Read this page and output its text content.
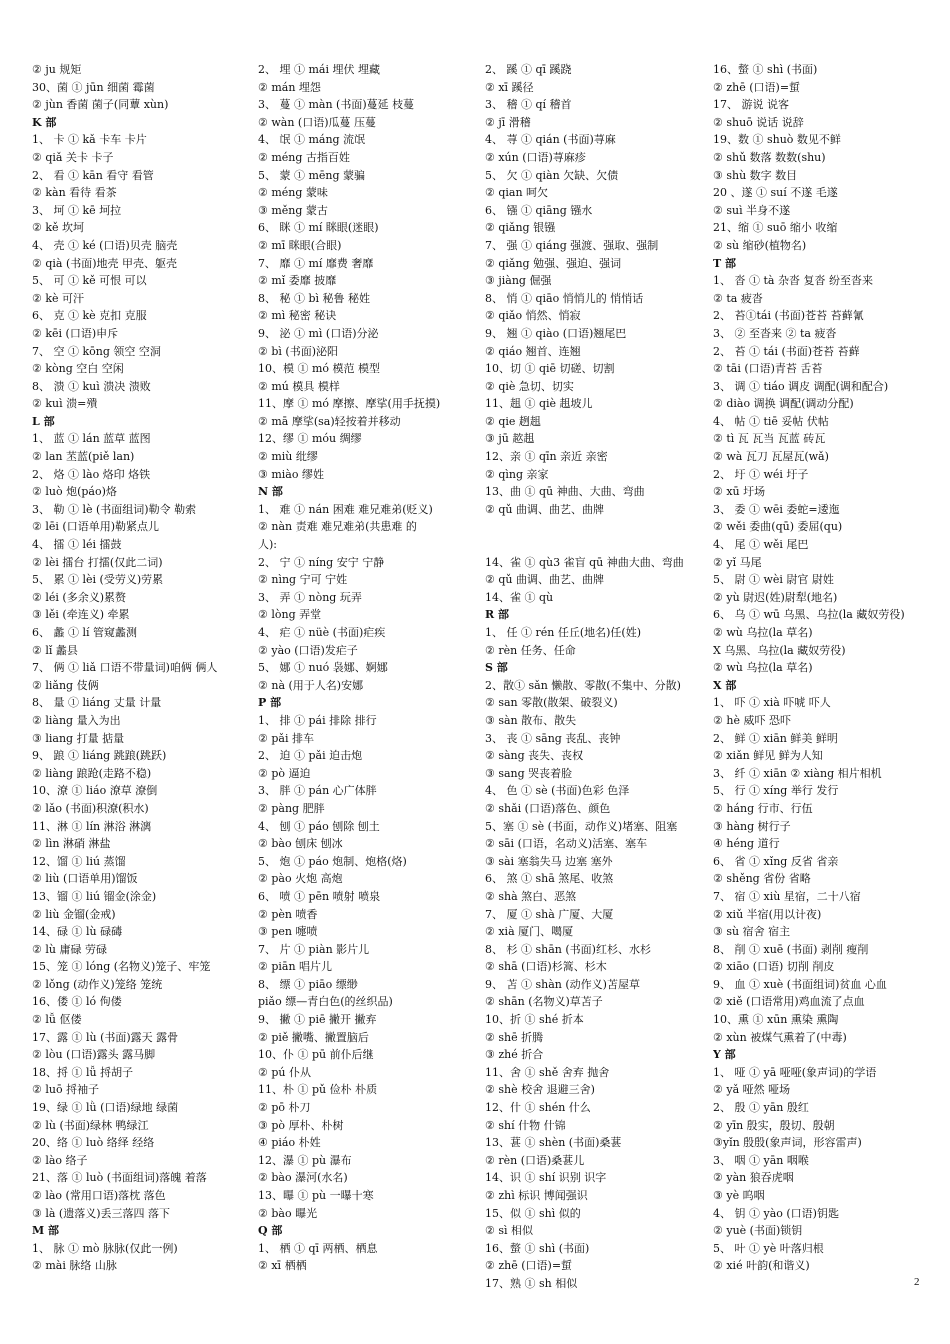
② ju 规矩
30、菌 ① jūn 细菌 霉菌
② jùn 香菌 菌子(同蕈 xùn)
K 部
1、 卡 ① kǎ 卡车 卡片
② qiǎ 关卡 卡子
2、 看 ① kān 看守 看管
② kàn 看待 看茶
3、 坷 ① kē 坷拉
② kě 坎坷
4、 壳 ① ké (口语)贝壳 脑壳
② qià (书面)地壳 甲壳、躯壳
5、 可 ① kě 可恨 可以
② kè 可汗
6、 克 ① kè 克扣 克服
② kēi (口语)申斥
7、 空 ① kōng 领空 空洞
② kòng 空白 空闲
8、 溃 ① kuì 溃决 溃败
② kuì 溃=殨
L 部
1、 蓝 ① lán 蓝草 蓝图
② lan 苤蓝(piě lan)
2、 烙 ① lào 烙印 烙铁
② luò 炮(páo)烙
3、 勒 ① lè (书面组词)勒令 勒索
② lēi (口语单用)勒紧点儿
4、 擂 ① léi 擂鼓
② lèi 擂台 打擂(仅此二词)
5、 累 ① lèi (受劳义)劳累
② léi (多余义)累赘
③ lěi (牵连义) 牵累
6、 蠡 ① lí 管窥蠡测
② lǐ 蠡县
7、 俩 ① liǎ 口语不带量词)咱俩 俩人
② liǎng 伎俩
8、 量 ① liáng 丈量 计量
② liàng 量入为出
③ liang 打量 掂量
9、 踉 ① liáng 跳踉(跳跃)
② liàng 踉跄(走路不稳)
10、潦 ① liáo 潦草 潦倒
② lǎo (书面)积潦(积水)
11、淋 ① lín 淋浴 淋漓
② lìn 淋硝 淋盐
12、馏 ① liú 蒸馏
② liù (口语单用)馏饭
13、镏 ① liú 镏金(涂金)
② liù 金镏(金戒)
14、碌 ① lù 碌碡
② lù 庸碌 劳碌
15、笼 ① lóng (名物义)笼子、牢笼
② lǒng (动作义)笼络 笼统
16、偻 ① ló 佝偻
② lǚ 伛偻
17、露 ① lù (书面)露天 露骨
② lòu (口语)露头 露马脚
18、捋 ① lǚ 捋胡子
② luō 捋袖子
19、绿 ① lǜ (口语)绿地 绿菌
② lù (书面)绿林 鸭绿江
20、络 ① luò 络绎 经络
② lào 络子
21、落 ① luò (书面组词)落魄 着落
② lào (常用口语)落枕 落色
③ là (遗落义)丢三落四 落下
M 部
1、 脉 ① mò 脉脉(仅此一例)
② mài 脉络 山脉
2、 埋 ① mái 埋伏 埋藏
② mán 埋怨
3、 蔓 ① màn (书面)蔓延 枝蔓
② wàn (口语)瓜蔓 压蔓
4、 氓 ① máng 流氓
② méng 古指百姓
5、 蒙 ① mēng 蒙骗
② méng 蒙味
③ měng 蒙古
6、 眯 ① mí 眯眼(迷眼)
② mī 眯眼(合眼)
7、 靡 ① mí 靡费 奢靡
② mǐ 委靡 披靡
8、 秘 ① bì 秘鲁 秘姓
② mì 秘密 秘诀
9、 泌 ① mì (口语)分泌
② bì (书面)泌阳
10、模 ① mó 模范 模型
② mú 模具 模样
11、摩 ① mó 摩擦、摩挲(用手抚摸)
② mā 摩挲(sa)轻按着并移动
12、缪 ① móu 绸缪
② miù 纰缪
③ miào 缪姓
N 部
1、 难 ① nán 困难 难兄难弟(贬义)
② nàn 责难 难兄难弟(共患难 的
人):
2、 宁 ① níng 安宁 宁静
② nìng 宁可 宁姓
3、 弄 ① nòng 玩弄
② lòng 弄堂
4、 疟 ① nüè (书面)疟疾
② yào (口语)发疟子
5、 娜 ① nuó 袅娜、婀娜
② nà (用于人名)安娜
P 部
1、 排 ① pái 排除 排行
② pǎi 排车
2、 迫 ① pǎi 迫击炮
② pò 逼迫
3、 胖 ① pán 心广体胖
② pàng 肥胖
4、 刨 ① páo 刨除 刨土
② bào 刨床 刨冰
5、 炮 ① páo 炮制、炮格(烙)
② pào 火炮 高炮
6、 喷 ① pēn 喷射 喷泉
② pèn 喷香
③ pen 嚏喷
7、 片 ① piàn 影片儿
② piān 唱片儿
8、 缥 ① piāo 缥缈
piǎo 缥—青白色(的丝织品)
9、 撇 ① piē 撇开 撇弃
② piě 撇嘴、撇置脑后
10、仆 ① pū 前仆后继
② pú 仆从
11、朴 ① pǔ 俭朴 朴质
② pō 朴刀
③ pò 厚朴、朴树
④ piáo 朴姓
12、瀑 ① pù 瀑布
② bào 瀑河(水名)
13、曝 ① pù 一曝十寒
② bào 曝光
Q 部
1、 栖 ① qī 两栖、栖息
② xī 栖栖
2、 蹊 ① qī 蹊跷
② xī 蹊径
3、 稽 ① qí 稽首
② jī 滑稽
4、 荨 ① qián (书面)荨麻
② xún (口语)荨麻疹
5、 欠 ① qiàn 欠缺、欠债
② qian 呵欠
6、 镪 ① qiāng 镪水
② qiǎng 银镪
7、 强 ① qiáng 强渡、强取、强制
② qiǎng 勉强、强迫、强词
③ jiàng 倔强
8、 悄 ① qiāo 悄悄儿的 悄悄话
② qiǎo 悄然、悄寂
9、 翘 ① qiào (口语)翘尾巴
② qiáo 翘首、连翘
10、切 ① qiē 切磋、切割
② qiè 急切、切实
11、趄 ① qiè 趄坡儿
② qie 趔趄
③ jū 趑趄
12、亲 ① qīn 亲近 亲密
② qìng 亲家
13、曲 ① qū 神曲、大曲、弯曲
② qǔ 曲调、曲艺、曲牌
14、雀 ① qù3 雀盲 qū 神曲大曲、弯曲
② qǔ 曲调、曲艺、曲牌
14、雀 ① qù
R 部
1、 任 ① rén 任丘(地名)任(姓)
② rèn 任务、任命
S 部
2、散① sǎn 懒散、零散(不集中、分散)
② san 零散(散架、破裂义)
③ sàn 散布、散失
3、 丧 ① sāng 丧乱、丧钟
② sàng 丧失、丧权
③ sang 哭丧着脸
4、 色 ① sè (书面)色彩 色泽
② shǎi (口语)落色、颜色
5、塞 ① sè (书面，动作义)堵塞、阻塞
② sāi (口语，名动义)活塞、塞车
③ sài 塞翁失马 边塞 塞外
6、 煞 ① shā 煞尾、收煞
② shà 煞白、恶煞
7、 厦 ① shà 广厦、大厦
② xià 厦门、噶厦
8、 杉 ① shān (书面)红杉、水杉
② shā (口语)杉篙、杉木
9、 苫 ① shàn (动作义)苫屋草
② shān (名物义)草苫子
10、折 ① shé 折本
② shē 折腾
③ zhé 折合
11、舍 ① shě 舍弃 抛舍
② shè 校舍 退避三舍)
12、什 ① shén 什么
② shí 什物 什锦
13、葚 ① shèn (书面)桑葚
② rèn (口语)桑葚儿
14、识 ① shí 识别 识字
② zhì 标识 博闻强识
15、似 ① shì 似的
② sì 相似
16、螫 ① shì (书面)
② zhē (口语)=蜇
17、熟 ① sh 相似
16、螫 ① shì (书面)
② zhē (口语)=蜇
17、 游说 说客
② shuō 说话 说辞
19、数 ① shuò 数见不鲜
② shǔ 数落 数数(shu)
③ shù 数字 数目
20 、遂 ① suí 不遂 毛遂
② suì 半身不遂
21、缩 ① suō 缩小 收缩
② sù 缩砂(植物名)
T 部
1、 沓 ① tà 杂沓 复沓 纷至沓来
② ta 疲沓
2、 苔①tái (书面)苍苔 苔藓氰
3、 ② 至沓来 ② ta 疲沓
2、 苔 ① tái (书面)苍苔 苔藓
② tāi (口语)青苔 舌苔
3、 调 ① tiáo 调皮 调配(调和配合)
② diào 调换 调配(调动分配)
4、 帖 ① tiē 妥帖 伏帖
② tì 瓦 瓦当 瓦蓝 砖瓦
② wà 瓦刀 瓦屋瓦(wǎ)
2、 圩 ① wéi 圩子
② xū 圩场
3、 委 ① wēi 委蛇=逶迤
② wěi 委曲(qū) 委屈(qu)
4、 尾 ① wěi 尾巴
② yǐ 马尾
5、 尉 ① wèi 尉官 尉姓
② yù 尉迟(姓)尉犁(地名)
6、 乌 ① wū 乌黑、乌拉(la 藏奴劳役)
② wù 乌拉(la 草名)
X 乌黑、乌拉(la 藏奴劳役)
② wù 乌拉(la 草名)
X 部
1、 吓 ① xià 吓唬 吓人
② hè 威吓 恐吓
2、 鲜 ① xiān 鲜美 鲜明
② xiǎn 鲜见 鲜为人知
3、 纤 ① xiān ② xiàng 相片相机
5、 行 ① xíng 举行 发行
② háng 行市、行伍
③ hàng 树行子
④ héng 道行
6、 省 ① xǐng 反省 省亲
② shěng 省份 省略
7、 宿 ① xiù 星宿，二十八宿
② xiǔ 半宿(用以计夜)
③ sù 宿舍 宿主
8、 削 ① xuē (书面) 剥削 瘦削
② xiāo (口语) 切削 削皮
9、 血 ① xuè (书面组词)贫血 心血
② xiě (口语常用)鸡血流了点血
10、熏 ① xūn 熏染 熏陶
② xùn 被煤气熏着了(中毒)
Y 部
1、 哑 ① yā 哑哑(象声词)的学语
② yǎ 哑然 哑场
2、 殷 ① yān 殷红
② yīn 殷实，殷切、殷朝
③yǐn 殷殷(象声词，形容雷声)
3、 咽 ① yān 咽喉
② yàn 狼吞虎咽
③ yè 呜咽
4、 钥 ① yào (口语)钥匙
② yuè (书面)锁钥
5、 叶 ① yè 叶落归根
② xié 叶韵(和谐义)
2
